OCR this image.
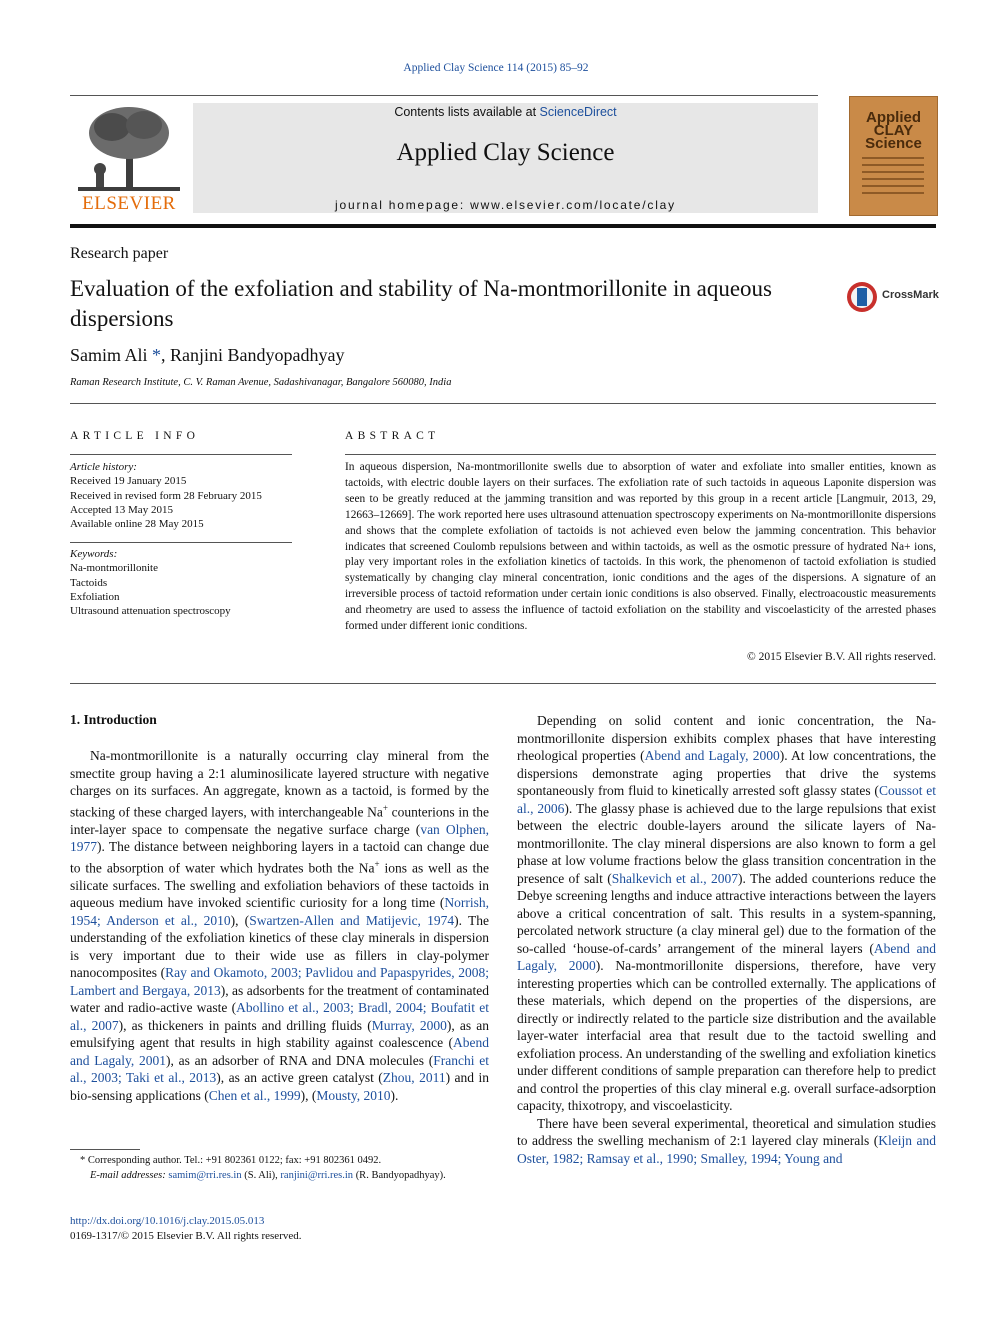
Applied Clay Science 114 (2015) 85–92
ELSEVIER
Contents lists available at ScienceDirect
Applied Clay Science
journal homepage: www.elsevier.com/locate/clay
Applied CLAY Science
Research paper
Evaluation of the exfoliation and stability of Na-montmorillonite in aqueous dispersions
CrossMark
Samim Ali *, Ranjini Bandyopadhyay
Raman Research Institute, C. V. Raman Avenue, Sadashivanagar, Bangalore 560080, India
ARTICLE INFO
Article history:
Received 19 January 2015
Received in revised form 28 February 2015
Accepted 13 May 2015
Available online 28 May 2015
Keywords:
Na-montmorillonite
Tactoids
Exfoliation
Ultrasound attenuation spectroscopy
ABSTRACT
In aqueous dispersion, Na-montmorillonite swells due to absorption of water and exfoliate into smaller entities, known as tactoids, with electric double layers on their surfaces. The exfoliation rate of such tactoids in aqueous Laponite dispersion was seen to be greatly reduced at the jamming transition and was reported by this group in a recent article [Langmuir, 2013, 29, 12663–12669]. The work reported here uses ultrasound attenuation spectroscopy experiments on Na-montmorillonite dispersions and shows that the complete exfoliation of tactoids is not achieved even below the jamming concentration. This behavior indicates that screened Coulomb repulsions between and within tactoids, as well as the osmotic pressure of hydrated Na+ ions, play very important roles in the exfoliation kinetics of tactoids. In this work, the phenomenon of tactoid exfoliation is studied systematically by changing clay mineral concentration, ionic conditions and the ages of the dispersions. A signature of an irreversible process of tactoid reformation under certain ionic conditions is also observed. Finally, electroacoustic measurements and rheometry are used to assess the influence of tactoid exfoliation on the stability and viscoelasticity of the arrested phases formed under different ionic conditions.
© 2015 Elsevier B.V. All rights reserved.
1. Introduction

Na-montmorillonite is a naturally occurring clay mineral from the smectite group having a 2:1 aluminosilicate layered structure with negative charges on its surfaces. An aggregate, known as a tactoid, is formed by the stacking of these charged layers, with interchangeable Na+ counterions in the inter-layer space to compensate the negative surface charge (van Olphen, 1977). The distance between neighboring layers in a tactoid can change due to the absorption of water which hydrates both the Na+ ions as well as the silicate surfaces. The swelling and exfoliation behaviors of these tactoids in aqueous medium have invoked scientific curiosity for a long time (Norrish, 1954; Anderson et al., 2010), (Swartzen-Allen and Matijevic, 1974). The understanding of the exfoliation kinetics of these clay minerals in dispersion is very important due to their wide use as fillers in clay-polymer nanocomposites (Ray and Okamoto, 2003; Pavlidou and Papaspyrides, 2008; Lambert and Bergaya, 2013), as adsorbents for the treatment of contaminated water and radio-active waste (Abollino et al., 2003; Bradl, 2004; Boufatit et al., 2007), as thickeners in paints and drilling fluids (Murray, 2000), as an emulsifying agent that results in high stability against coalescence (Abend and Lagaly, 2001), as an adsorber of RNA and DNA molecules (Franchi et al., 2003; Taki et al., 2013), as an active green catalyst (Zhou, 2011) and in bio-sensing applications (Chen et al., 1999), (Mousty, 2010).

Depending on solid content and ionic concentration, the Na-montmorillonite dispersion exhibits complex phases that have interesting rheological properties (Abend and Lagaly, 2000). At low concentrations, the dispersions demonstrate aging properties that drive the systems spontaneously from fluid to kinetically arrested soft glassy states (Coussot et al., 2006). The glassy phase is achieved due to the large repulsions that exist between the electric double-layers around the silicate layers of Na-montmorillonite. The clay mineral dispersions are also known to form a gel phase at low volume fractions below the glass transition concentration in the presence of salt (Shalkevich et al., 2007). The added counterions reduce the Debye screening lengths and induce attractive interactions between the layers above a critical concentration of salt. This results in a system-spanning, percolated network structure (a clay mineral gel) due to the formation of the so-called ‘house-of-cards’ arrangement of the mineral layers (Abend and Lagaly, 2000). Na-montmorillonite dispersions, therefore, have very interesting properties which can be controlled externally. The applications of these materials, which depend on the properties of the dispersions, are directly or indirectly related to the particle size distribution and the available layer-water interfacial area that result due to the tactoid swelling and exfoliation process. An understanding of the swelling and exfoliation kinetics under different conditions of sample preparation can therefore help to predict and control the properties of this clay mineral e.g. overall surface-adsorption capacity, thixotropy, and viscoelasticity.

There have been several experimental, theoretical and simulation studies to address the swelling mechanism of 2:1 layered clay minerals (Kleijn and Oster, 1982; Ramsay et al., 1990; Smalley, 1994; Young and

* Corresponding author. Tel.: +91 802361 0122; fax: +91 802361 0492.
E-mail addresses: samim@rri.res.in (S. Ali), ranjini@rri.res.in (R. Bandyopadhyay).
http://dx.doi.org/10.1016/j.clay.2015.05.013
0169-1317/© 2015 Elsevier B.V. All rights reserved.
